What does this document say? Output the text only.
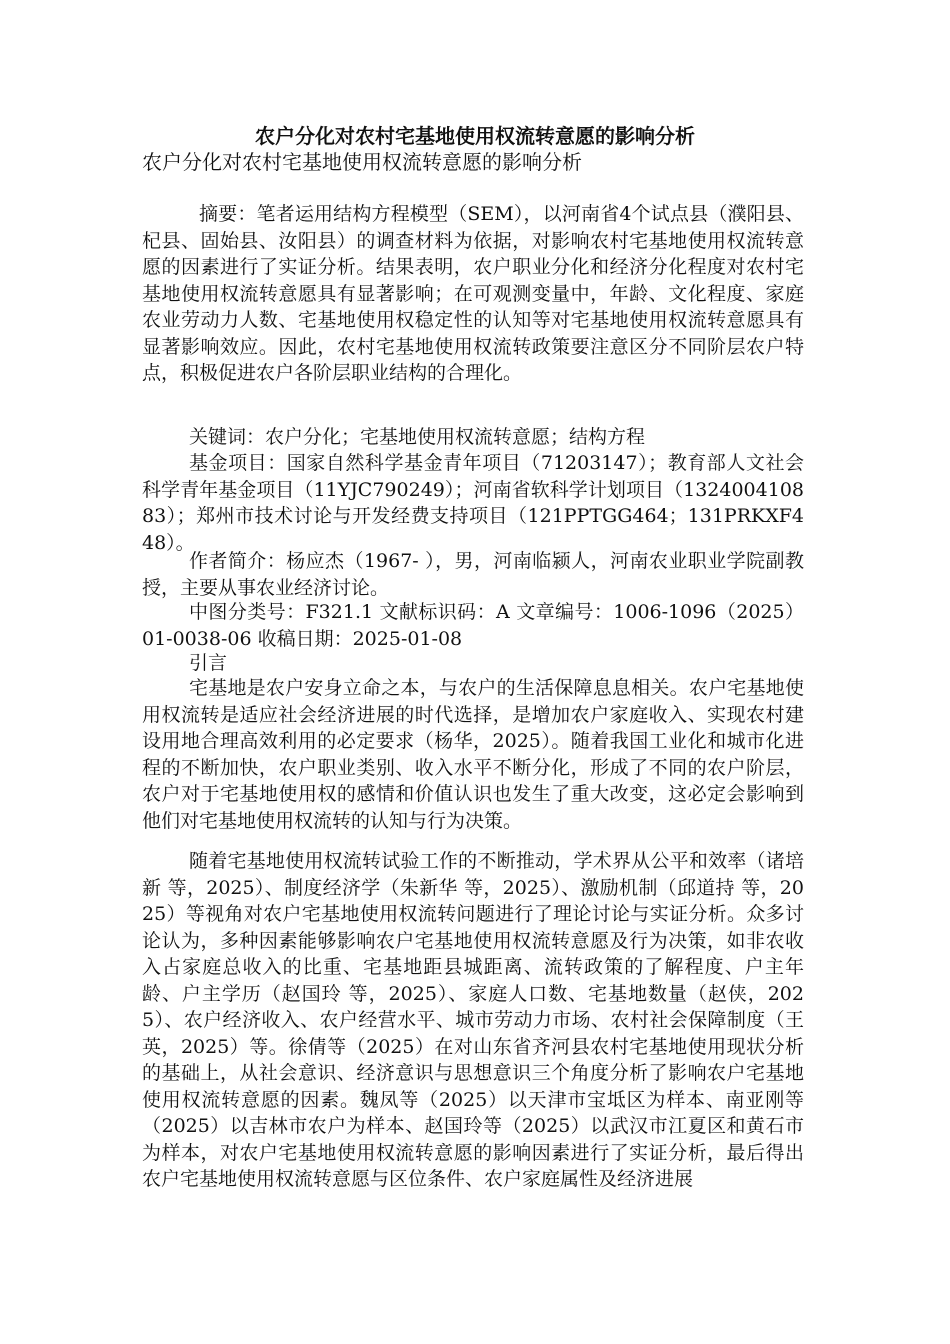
农户分化对农村宅基地使用权流转意愿的影响分析
农户分化对农村宅基地使用权流转意愿的影响分析
摘要：笔者运用结构方程模型（SEM），以河南省4个试点县（濮阳县、杞县、固始县、汝阳县）的调查材料为依据，对影响农村宅基地使用权流转意愿的因素进行了实证分析。结果表明，农户职业分化和经济分化程度对农村宅基地使用权流转意愿具有显著影响；在可观测变量中，年龄、文化程度、家庭农业劳动力人数、宅基地使用权稳定性的认知等对宅基地使用权流转意愿具有显著影响效应。因此，农村宅基地使用权流转政策要注意区分不同阶层农户特点，积极促进农户各阶层职业结构的合理化。
关键词：农户分化；宅基地使用权流转意愿；结构方程
基金项目：国家自然科学基金青年项目（71203147）；教育部人文社会科学青年基金项目（11YJC790249）；河南省软科学计划项目（132400410883）；郑州市技术讨论与开发经费支持项目（121PPTGG464；131PRKXF448）。
作者简介：杨应杰（1967- ），男，河南临颍人，河南农业职业学院副教授，主要从事农业经济讨论。
中图分类号：F321.1 文献标识码：A 文章编号：1006-1096（2025）01-0038-06 收稿日期：2025-01-08
引言
宅基地是农户安身立命之本，与农户的生活保障息息相关。农户宅基地使用权流转是适应社会经济进展的时代选择，是增加农户家庭收入、实现农村建设用地合理高效利用的必定要求（杨华，2025）。随着我国工业化和城市化进程的不断加快，农户职业类别、收入水平不断分化，形成了不同的农户阶层，农户对于宅基地使用权的感情和价值认识也发生了重大改变，这必定会影响到他们对宅基地使用权流转的认知与行为决策。
随着宅基地使用权流转试验工作的不断推动，学术界从公平和效率（诸培新 等，2025）、制度经济学（朱新华 等，2025）、激励机制（邱道持 等，2025）等视角对农户宅基地使用权流转问题进行了理论讨论与实证分析。众多讨论认为，多种因素能够影响农户宅基地使用权流转意愿及行为决策，如非农收入占家庭总收入的比重、宅基地距县城距离、流转政策的了解程度、户主年龄、户主学历（赵国玲 等，2025）、家庭人口数、宅基地数量（赵侠，2025）、农户经济收入、农户经营水平、城市劳动力市场、农村社会保障制度（王英，2025）等。徐倩等（2025）在对山东省齐河县农村宅基地使用现状分析的基础上，从社会意识、经济意识与思想意识三个角度分析了影响农户宅基地使用权流转意愿的因素。魏凤等（2025）以天津市宝坻区为样本、南亚刚等（2025）以吉林市农户为样本、赵国玲等（2025）以武汉市江夏区和黄石市为样本，对农户宅基地使用权流转意愿的影响因素进行了实证分析，最后得出农户宅基地使用权流转意愿与区位条件、农户家庭属性及经济进展
